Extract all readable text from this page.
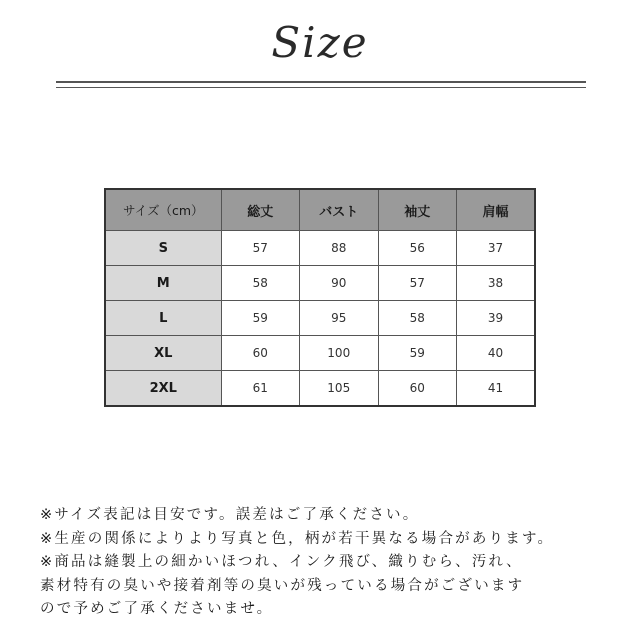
Size
サイズ（cm）	総丈	バスト	袖丈	肩幅
S	57	88	56	37
M	58	90	57	38
L	59	95	58	39
XL	60	100	59	40
2XL	61	105	60	41
※サイズ表記は目安です。誤差はご了承ください。
※生産の関係によりより写真と色，柄が若干異なる場合があります。
※商品は縫製上の細かいほつれ、インク飛び、織りむら、汚れ、
素材特有の臭いや接着剤等の臭いが残っている場合がございます
ので予めご了承くださいませ。
